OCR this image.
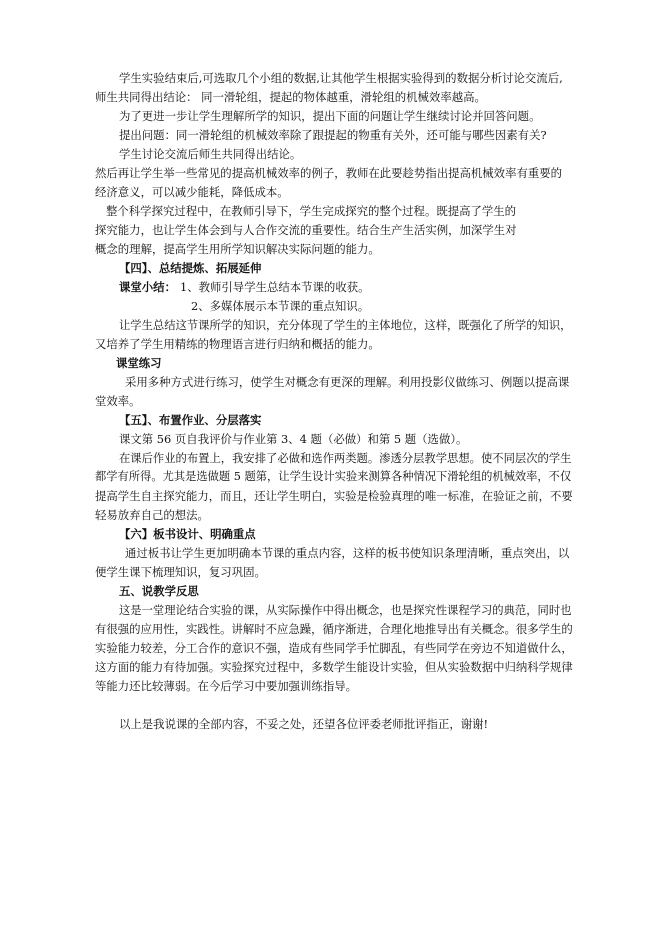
学生实验结束后,可选取几个小组的数据,让其他学生根据实验得到的数据分析讨论交流后,
师生共同得出结论： 同一滑轮组，提起的物体越重，滑轮组的机械效率越高。
为了更进一步让学生理解所学的知识，提出下面的问题让学生继续讨论并回答问题。
提出问题：同一滑轮组的机械效率除了跟提起的物重有关外，还可能与哪些因素有关?
学生讨论交流后师生共同得出结论。
然后再让学生举一些常见的提高机械效率的例子，教师在此要趁势指出提高机械效率有重要的
经济意义，可以减少能耗，降低成本。
整个科学探究过程中，在教师引导下，学生完成探究的整个过程。既提高了学生的
探究能力，也让学生体会到与人合作交流的重要性。结合生产生活实例，加深学生对
概念的理解，提高学生用所学知识解决实际问题的能力。
【四】、总结提炼、拓展延伸
课堂小结： 1、教师引导学生总结本节课的收获。
2、多媒体展示本节课的重点知识。
让学生总结这节课所学的知识，充分体现了学生的主体地位，这样，既强化了所学的知识，
又培养了学生用精练的物理语言进行归纳和概括的能力。
课堂练习
采用多种方式进行练习，使学生对概念有更深的理解。利用投影仪做练习、例题以提高课
堂效率。
【五】、布置作业、分层落实
课文第 56 页自我评价与作业第 3、4 题（必做）和第 5 题（选做）。
在课后作业的布置上，我安排了必做和选作两类题。渗透分层教学思想。使不同层次的学生
都学有所得。尤其是选做题 5 题第，让学生设计实验来测算各种情况下滑轮组的机械效率，不仅
提高学生自主探究能力，而且，还让学生明白，实验是检验真理的唯一标准，在验证之前，不要
轻易放弃自己的想法。
【六】板书设计、明确重点
通过板书让学生更加明确本节课的重点内容，这样的板书使知识条理清晰，重点突出，以
便学生课下梳理知识，复习巩固。
五、说教学反思
这是一堂理论结合实验的课，从实际操作中得出概念，也是探究性课程学习的典范，同时也
有很强的应用性，实践性。讲解时不应急躁，循序渐进，合理化地推导出有关概念。很多学生的
实验能力较差，分工合作的意识不强，造成有些同学手忙脚乱，有些同学在旁边不知道做什么，
这方面的能力有待加强。实验探究过程中，多数学生能设计实验，但从实验数据中归纳科学规律
等能力还比较薄弱。在今后学习中要加强训练指导。
以上是我说课的全部内容，不妥之处，还望各位评委老师批评指正，谢谢!
